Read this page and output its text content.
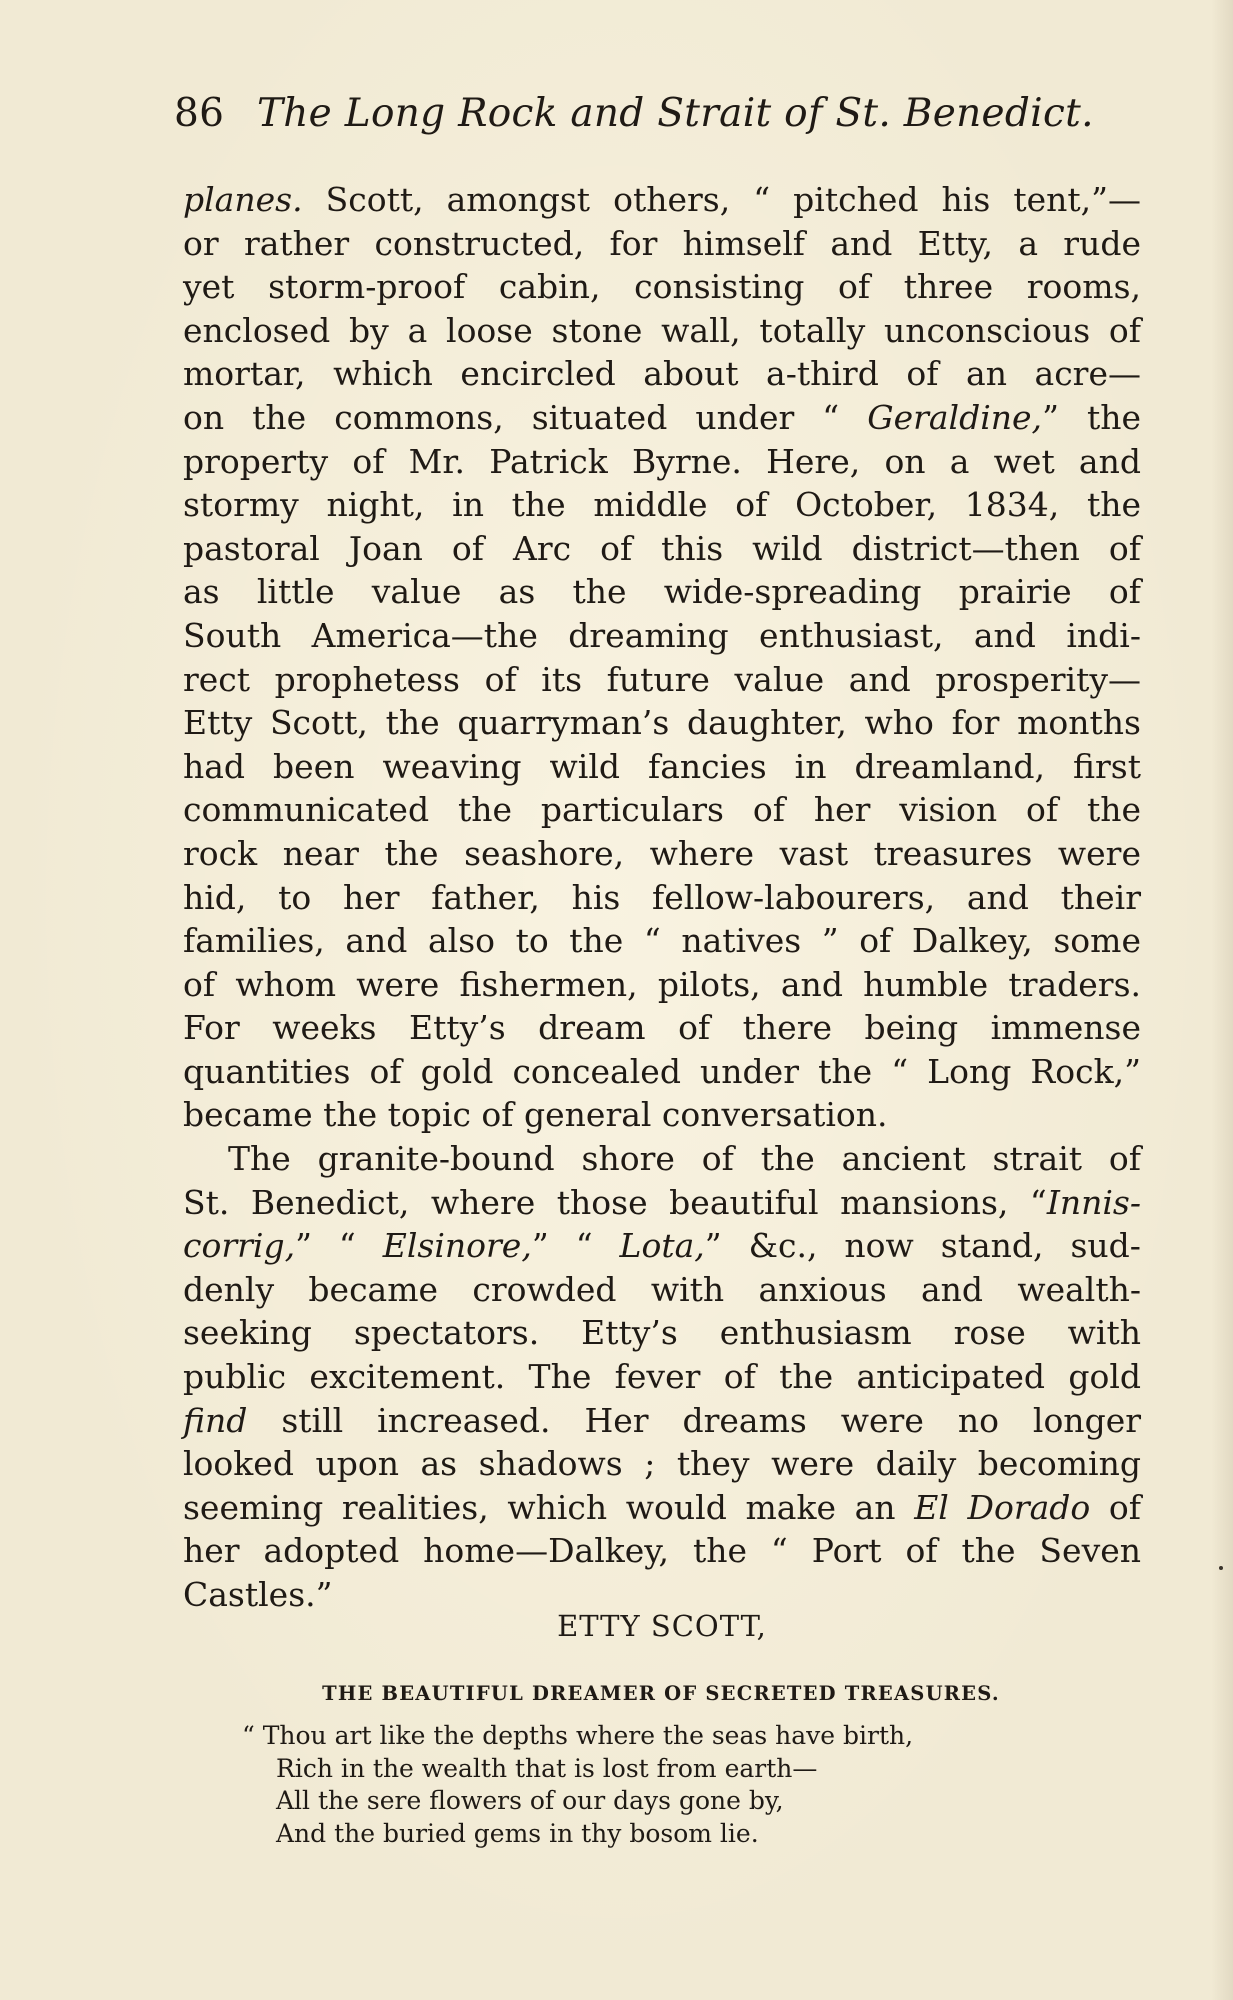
86 The Long Rock and Strait of St. Benedict.
planes. Scott, amongst others, “ pitched his tent,”—
or rather constructed, for himself and Etty, a rude
yet storm-proof cabin, consisting of three rooms,
enclosed by a loose stone wall, totally unconscious of
mortar, which encircled about a-third of an acre—
on the commons, situated under “ Geraldine,” the
property of Mr. Patrick Byrne. Here, on a wet and
stormy night, in the middle of October, 1834, the
pastoral Joan of Arc of this wild district—then of
as little value as the wide-spreading prairie of
South America—the dreaming enthusiast, and indi-
rect prophetess of its future value and prosperity—
Etty Scott, the quarryman’s daughter, who for months
had been weaving wild fancies in dreamland, first
communicated the particulars of her vision of the
rock near the seashore, where vast treasures were
hid, to her father, his fellow-labourers, and their
families, and also to the “ natives ” of Dalkey, some
of whom were fishermen, pilots, and humble traders.
For weeks Etty’s dream of there being immense
quantities of gold concealed under the “ Long Rock,”
became the topic of general conversation.
The granite-bound shore of the ancient strait of
St. Benedict, where those beautiful mansions, “Innis-
corrig,” “ Elsinore,” “ Lota,” &c., now stand, sud-
denly became crowded with anxious and wealth-
seeking spectators. Etty’s enthusiasm rose with
public excitement. The fever of the anticipated gold
find still increased. Her dreams were no longer
looked upon as shadows ; they were daily becoming
seeming realities, which would make an El Dorado of
her adopted home—Dalkey, the “ Port of the Seven
Castles.”
ETTY SCOTT,
THE BEAUTIFUL DREAMER OF SECRETED TREASURES.
“ Thou art like the depths where the seas have birth,
Rich in the wealth that is lost from earth—
All the sere flowers of our days gone by,
And the buried gems in thy bosom lie.
